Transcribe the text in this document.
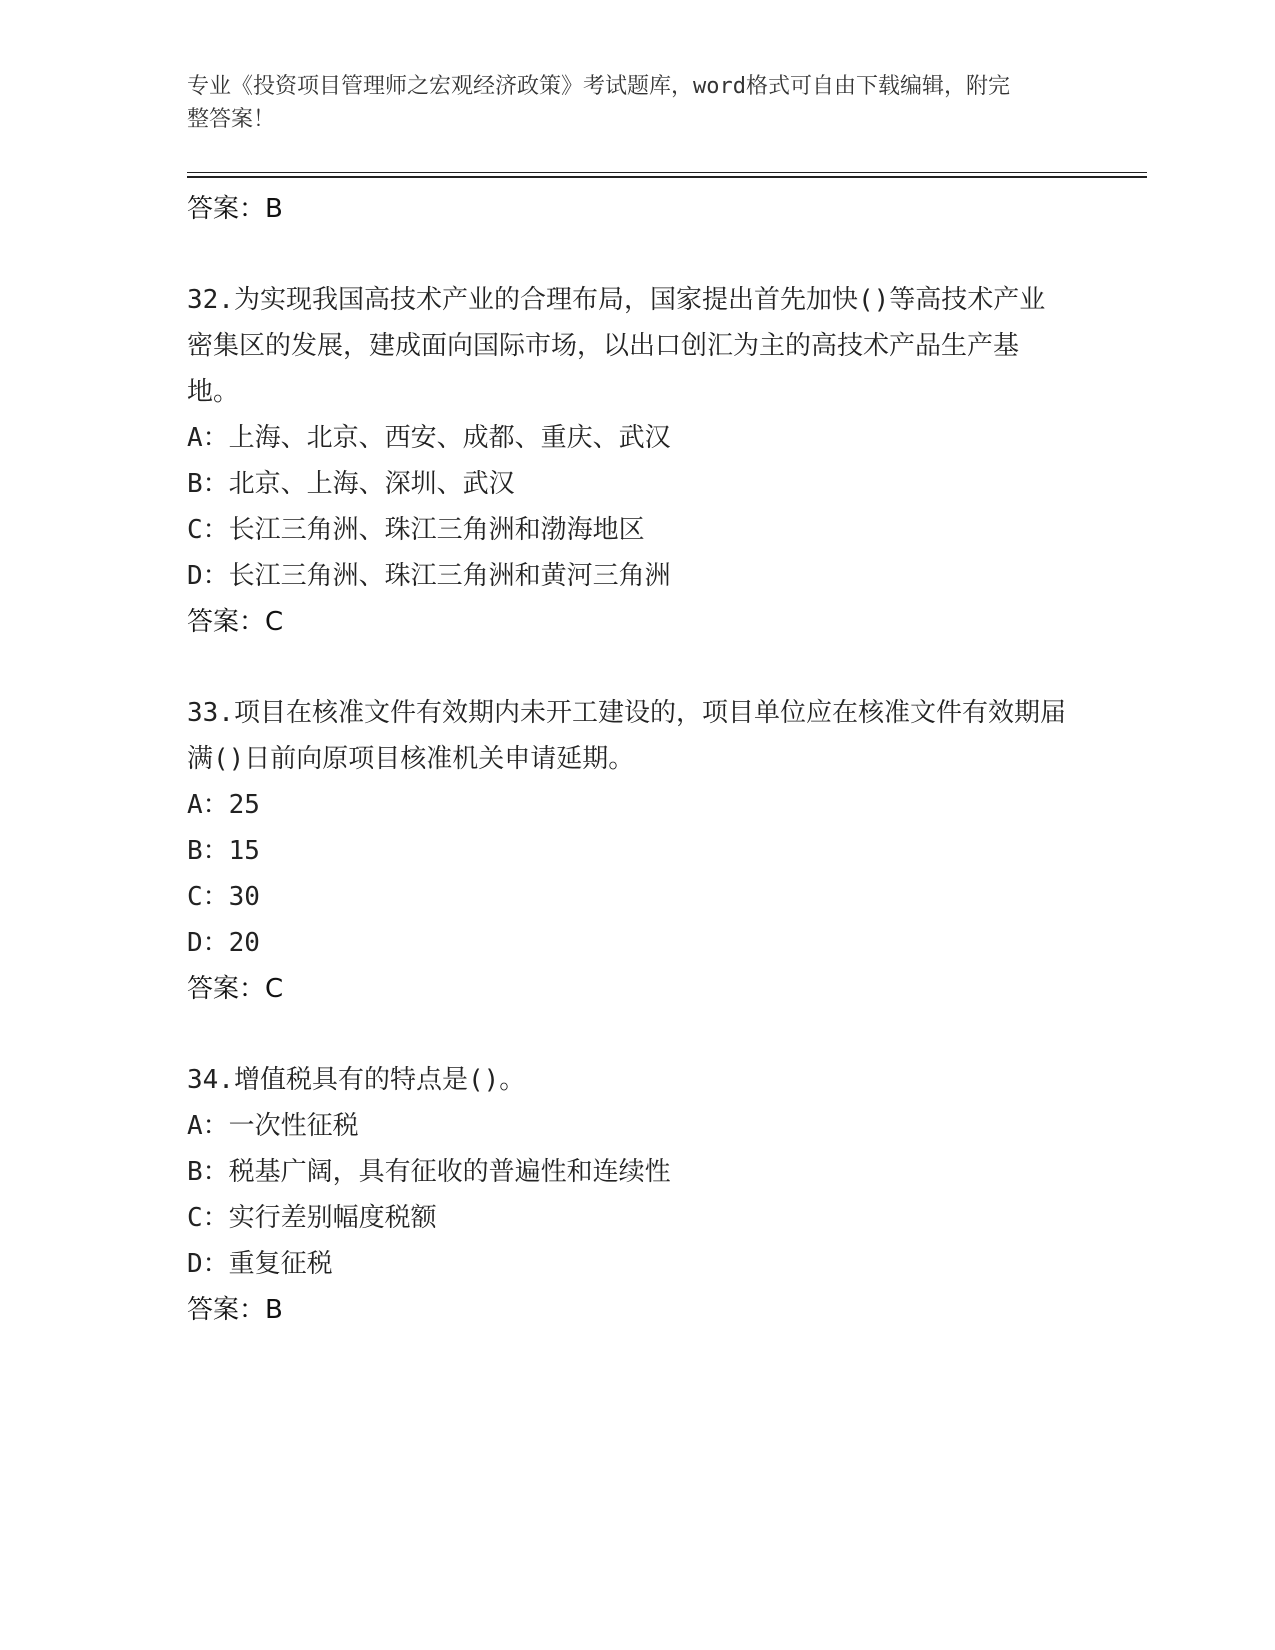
专业《投资项目管理师之宏观经济政策》考试题库，word格式可自由下载编辑，附完整答案！

答案：B

32.为实现我国高技术产业的合理布局，国家提出首先加快()等高技术产业密集区的发展，建成面向国际市场，以出口创汇为主的高技术产品生产基地。

A：上海、北京、西安、成都、重庆、武汉

B：北京、上海、深圳、武汉

C：长江三角洲、珠江三角洲和渤海地区

D：长江三角洲、珠江三角洲和黄河三角洲

答案：C

33.项目在核准文件有效期内未开工建设的，项目单位应在核准文件有效期届满()日前向原项目核准机关申请延期。

A：25

B：15

C：30

D：20

答案：C

34.增值税具有的特点是()。

A：一次性征税

B：税基广阔，具有征收的普遍性和连续性

C：实行差别幅度税额

D：重复征税

答案：B
